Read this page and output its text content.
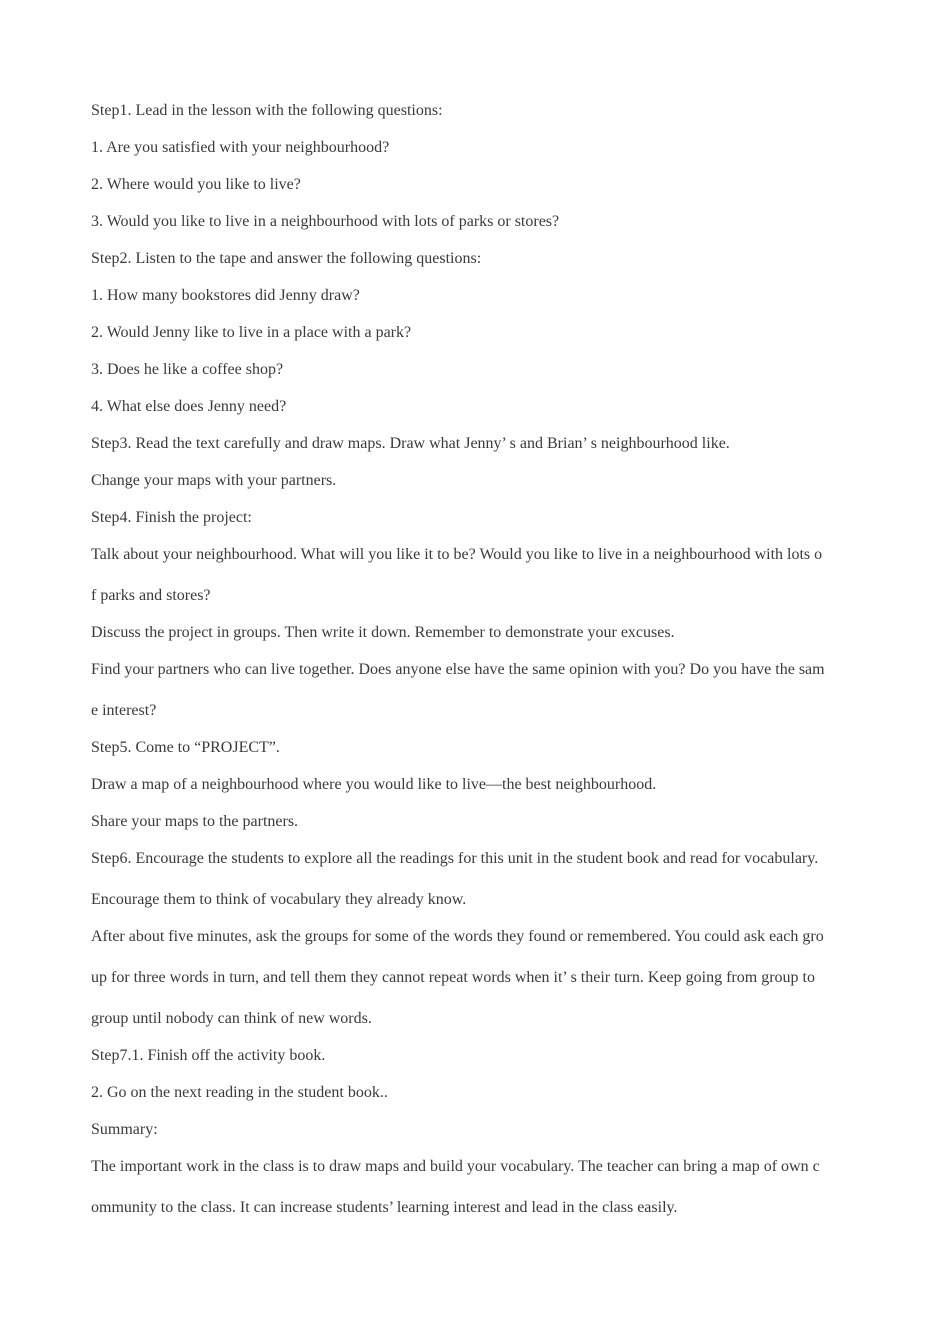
Step1. Lead in the lesson with the following questions:
1. Are you satisfied with your neighbourhood?
2. Where would you like to live?
3. Would you like to live in a neighbourhood with lots of parks or stores?
Step2. Listen to the tape and answer the following questions:
1. How many bookstores did Jenny draw?
2. Would Jenny like to live in a place with a park?
3. Does he like a coffee shop?
4. What else does Jenny need?
Step3. Read the text carefully and draw maps. Draw what Jenny’ s and Brian’ s neighbourhood like.
Change your maps with your partners.
Step4. Finish the project:
Talk about your neighbourhood. What will you like it to be? Would you like to live in a neighbourhood with lots o
f parks and stores?
Discuss the project in groups. Then write it down. Remember to demonstrate your excuses.
Find your partners who can live together. Does anyone else have the same opinion with you? Do you have the sam
e interest?
Step5. Come to “PROJECT”.
Draw a map of a neighbourhood where you would like to live—the best neighbourhood.
Share your maps to the partners.
Step6. Encourage the students to explore all the readings for this unit in the student book and read for vocabulary.
Encourage them to think of vocabulary they already know.
After about five minutes, ask the groups for some of the words they found or remembered. You could ask each gro
up for three words in turn, and tell them they cannot repeat words when it’ s their turn. Keep going from group to
group until nobody can think of new words.
Step7.1. Finish off the activity book.
2. Go on the next reading in the student book..
Summary:
The important work in the class is to draw maps and build your vocabulary. The teacher can bring a map of own c
ommunity to the class. It can increase students’ learning interest and lead in the class easily.
